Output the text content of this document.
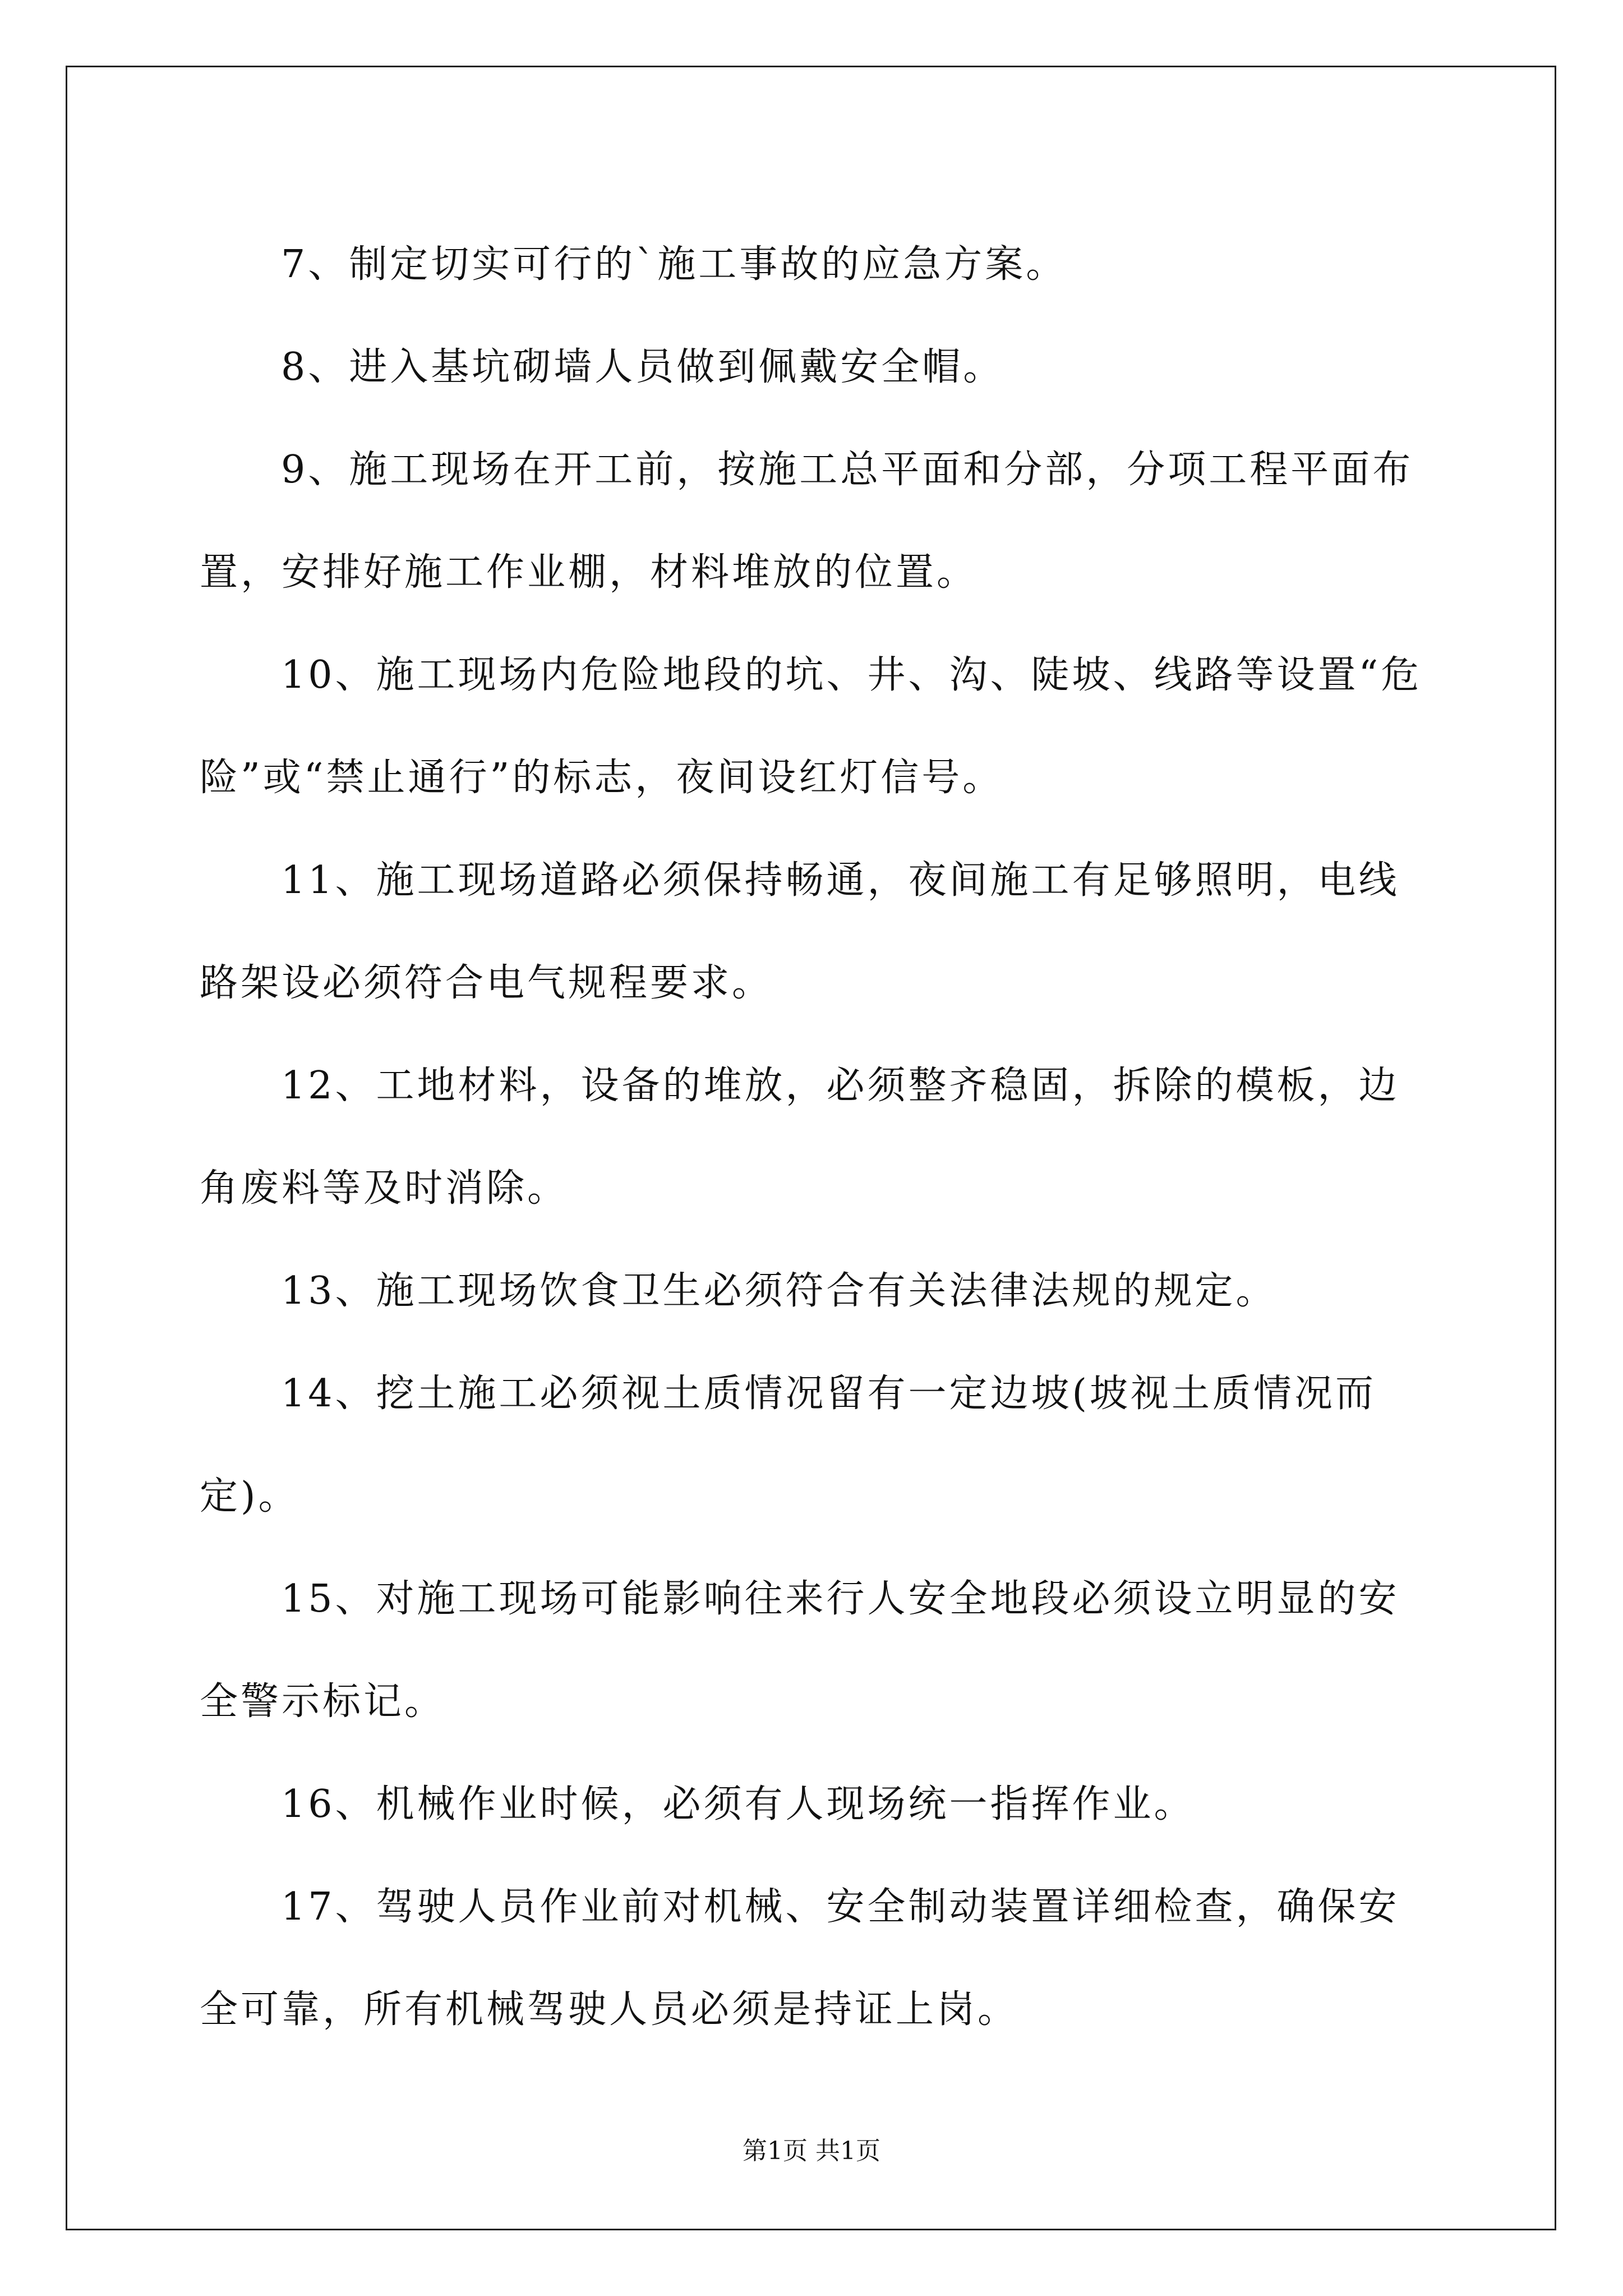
7、制定切实可行的`施工事故的应急方案。

8、进入基坑砌墙人员做到佩戴安全帽。

9、施工现场在开工前，按施工总平面和分部，分项工程平面布置，安排好施工作业棚，材料堆放的位置。

10、施工现场内危险地段的坑、井、沟、陡坡、线路等设置“危险”或“禁止通行”的标志，夜间设红灯信号。

11、施工现场道路必须保持畅通，夜间施工有足够照明，电线路架设必须符合电气规程要求。

12、工地材料，设备的堆放，必须整齐稳固，拆除的模板，边角废料等及时消除。

13、施工现场饮食卫生必须符合有关法律法规的规定。

14、挖土施工必须视土质情况留有一定边坡(坡视土质情况而定)。

15、对施工现场可能影响往来行人安全地段必须设立明显的安全警示标记。

16、机械作业时候，必须有人现场统一指挥作业。

17、驾驶人员作业前对机械、安全制动装置详细检查，确保安全可靠，所有机械驾驶人员必须是持证上岗。

第1页 共1页
